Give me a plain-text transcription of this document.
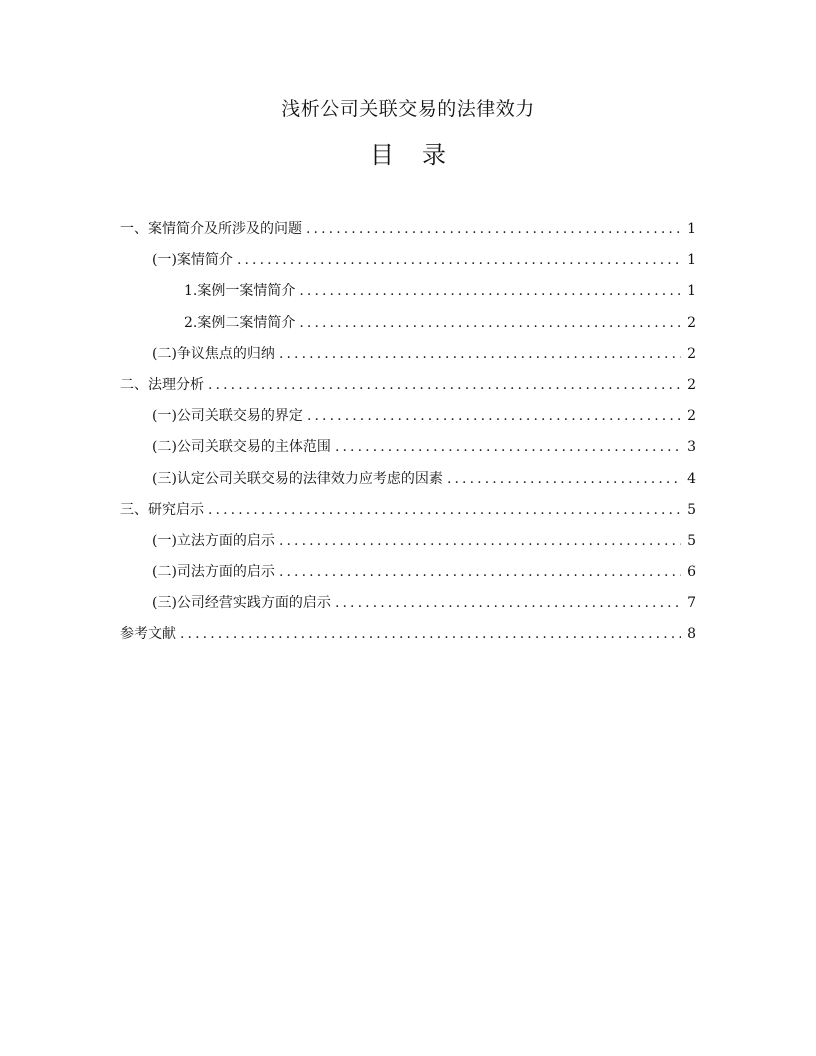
浅析公司关联交易的法律效力
目录
一、案情简介及所涉及的问题 .....	1
(一)案情简介 .....	1
1.案例一案情简介 .....	1
2.案例二案情简介 .....	2
(二)争议焦点的归纳 .....	2
二、法理分析 .....	2
(一)公司关联交易的界定 .....	2
(二)公司关联交易的主体范围 .....	3
(三)认定公司关联交易的法律效力应考虑的因素 .....	4
三、研究启示 .....	5
(一)立法方面的启示 .....	5
(二)司法方面的启示 .....	6
(三)公司经营实践方面的启示 .....	7
参考文献 .....	8
